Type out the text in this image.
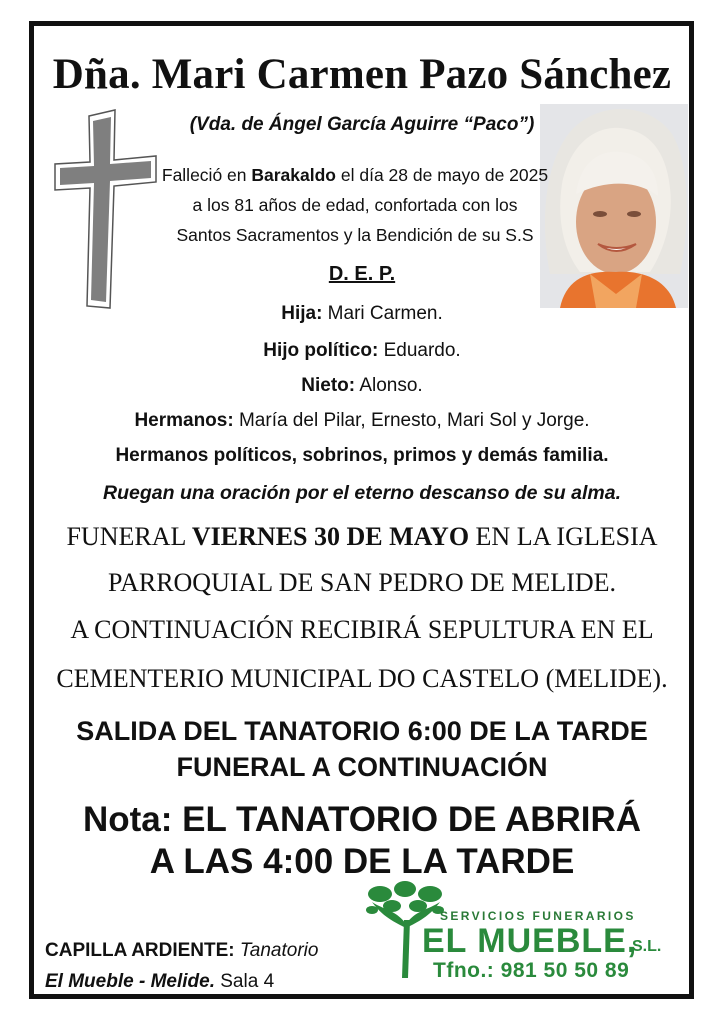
Dña. Mari Carmen Pazo Sánchez
(Vda. de Ángel García Aguirre “Paco”)
Falleció en Barakaldo el día 28 de mayo de 2025
a los 81 años de edad, confortada con los
Santos Sacramentos y la Bendición de su S.S
D. E. P.
Hija: Mari Carmen.
Hijo político: Eduardo.
Nieto: Alonso.
Hermanos: María del Pilar, Ernesto, Mari Sol y Jorge.
Hermanos políticos, sobrinos, primos y demás familia.
Ruegan una oración por el eterno descanso de su alma.
FUNERAL VIERNES 30 DE MAYO EN LA IGLESIA
PARROQUIAL DE SAN PEDRO DE MELIDE.
A CONTINUACIÓN RECIBIRÁ SEPULTURA EN EL
CEMENTERIO MUNICIPAL DO CASTELO (MELIDE).
SALIDA DEL TANATORIO 6:00 DE LA TARDE
FUNERAL A CONTINUACIÓN
Nota: EL TANATORIO DE ABRIRÁ
A LAS 4:00 DE LA TARDE
CAPILLA ARDIENTE: Tanatorio
El Mueble - Melide. Sala 4
SERVICIOS FUNERARIOS
EL MUEBLE,
S.L.
Tfno.: 981 50 50 89
